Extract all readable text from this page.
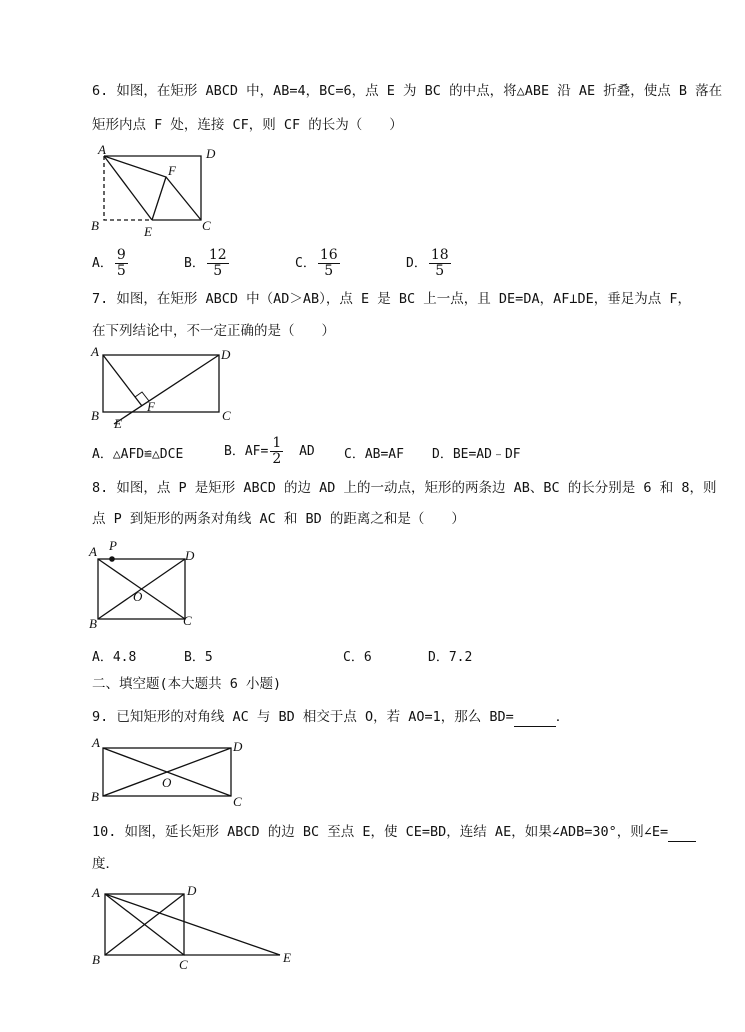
6. 如图，在矩形 ABCD 中，AB=4，BC=6，点 E 为 BC 的中点，将△ABE 沿 AE 折叠，使点 B 落在
矩形内点 F 处，连接 CF，则 CF 的长为（　　）
A	D
F
B	E	C
A． $\frac{9}{5}$	B． $\frac{12}{5}$	C． $\frac{16}{5}$	D． $\frac{18}{5}$
7. 如图，在矩形 ABCD 中（AD＞AB），点 E 是 BC 上一点，且 DE=DA，AF⊥DE，垂足为点 F，
在下列结论中，不一定正确的是（　　）
A	D
B
E
F
C
A．△AFD≌△DCE	B．$AF= \frac{1}{2}$ AD C．AB=AF D．BE=AD﹣DF
8. 如图，点 P 是矩形 ABCD 的边 AD 上的一动点，矩形的两条边 AB、BC 的长分别是 6 和 8，则
点 P 到矩形的两条对角线 AC 和 BD 的距离之和是（　　）
A P
D
O
B	C
A．4.8	B．5	C．6	D．7.2
二、填空题(本大题共 6 小题)
9. 已知矩形的对角线 AC 与 BD 相交于点 O，若 AO=1，那么 BD=	．
A	D
O
B	C
10. 如图，延长矩形 ABCD 的边 BC 至点 E，使 CE=BD，连结 AE，如果∠ADB=30°，则∠E=
度．
A	D
B	C	E
